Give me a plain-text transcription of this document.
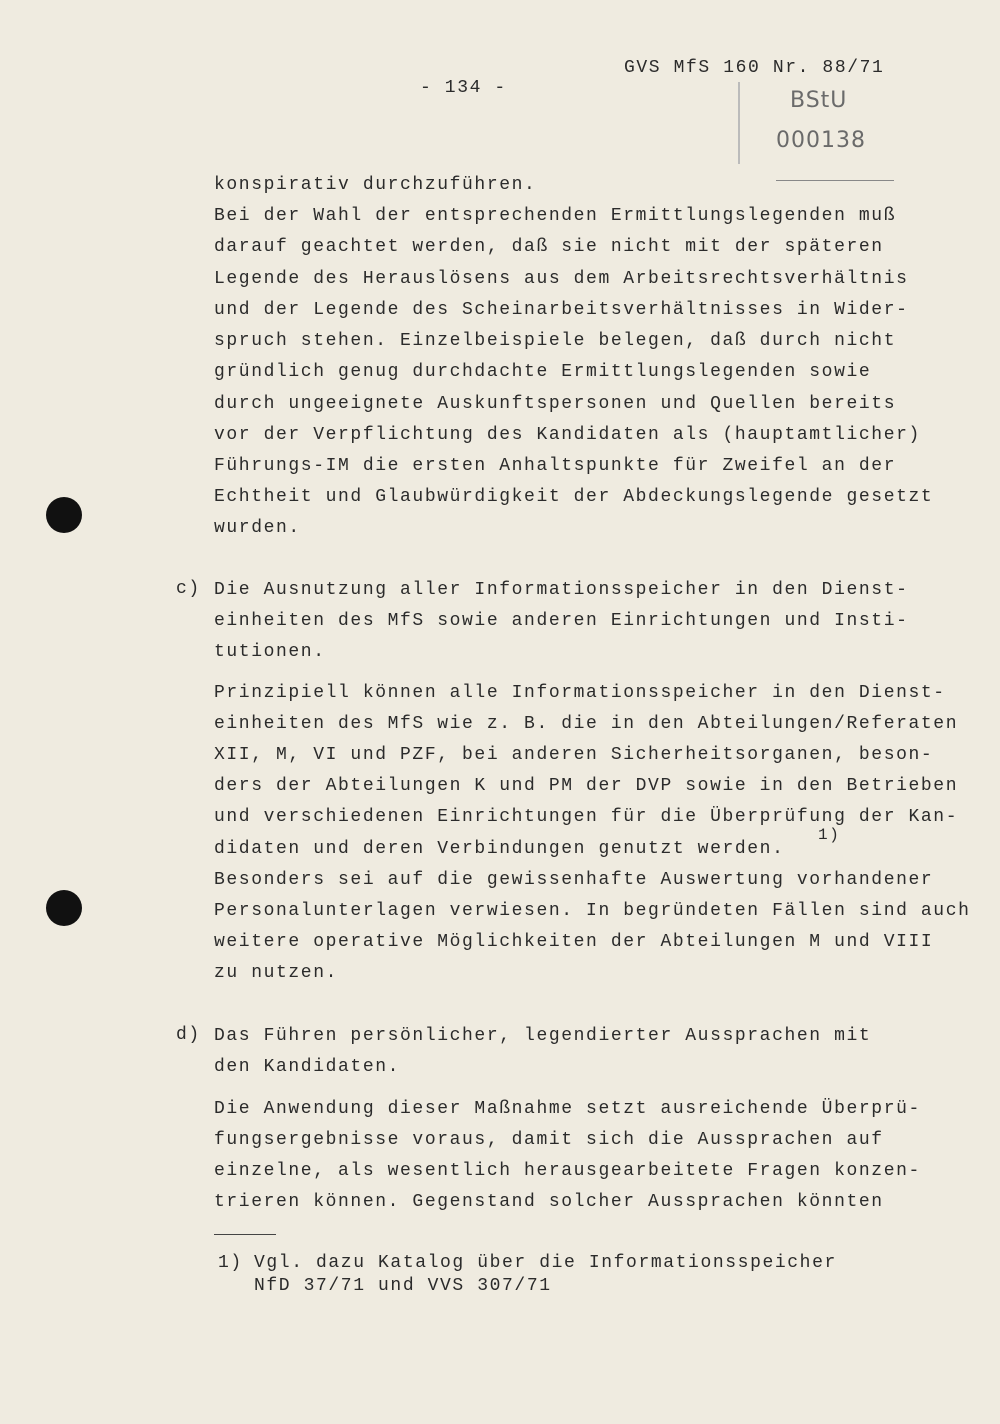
- 134 -
GVS MfS 160 Nr. 88/71
BStU
000138
konspirativ durchzuführen.
Bei der Wahl der entsprechenden Ermittlungslegenden muß
darauf geachtet werden, daß sie nicht mit der späteren
Legende des Herauslösens aus dem Arbeitsrechtsverhältnis
und der Legende des Scheinarbeitsverhältnisses in Wider-
spruch stehen. Einzelbeispiele belegen, daß durch nicht
gründlich genug durchdachte Ermittlungslegenden sowie
durch ungeeignete Auskunftspersonen und Quellen bereits
vor der Verpflichtung des Kandidaten als (hauptamtlicher)
Führungs-IM die ersten Anhaltspunkte für Zweifel an der
Echtheit und Glaubwürdigkeit der Abdeckungslegende gesetzt
wurden.
c) Die Ausnutzung aller Informationsspeicher in den Dienst-
einheiten des MfS sowie anderen Einrichtungen und Insti-
tutionen.
Prinzipiell können alle Informationsspeicher in den Dienst-
einheiten des MfS wie z. B. die in den Abteilungen/Referaten
XII, M, VI und PZF, bei anderen Sicherheitsorganen, beson-
ders der Abteilungen K und PM der DVP sowie in den Betrieben
und verschiedenen Einrichtungen für die Überprüfung der Kan-
didaten und deren Verbindungen genutzt werden.
1)
Besonders sei auf die gewissenhafte Auswertung vorhandener
Personalunterlagen verwiesen. In begründeten Fällen sind auch
weitere operative Möglichkeiten der Abteilungen M und VIII
zu nutzen.
d) Das Führen persönlicher, legendierter Aussprachen mit
den Kandidaten.
Die Anwendung dieser Maßnahme setzt ausreichende Überprü-
fungsergebnisse voraus, damit sich die Aussprachen auf
einzelne, als wesentlich herausgearbeitete Fragen konzen-
trieren können. Gegenstand solcher Aussprachen könnten
1) Vgl. dazu Katalog über die Informationsspeicher
NfD 37/71 und VVS 307/71
